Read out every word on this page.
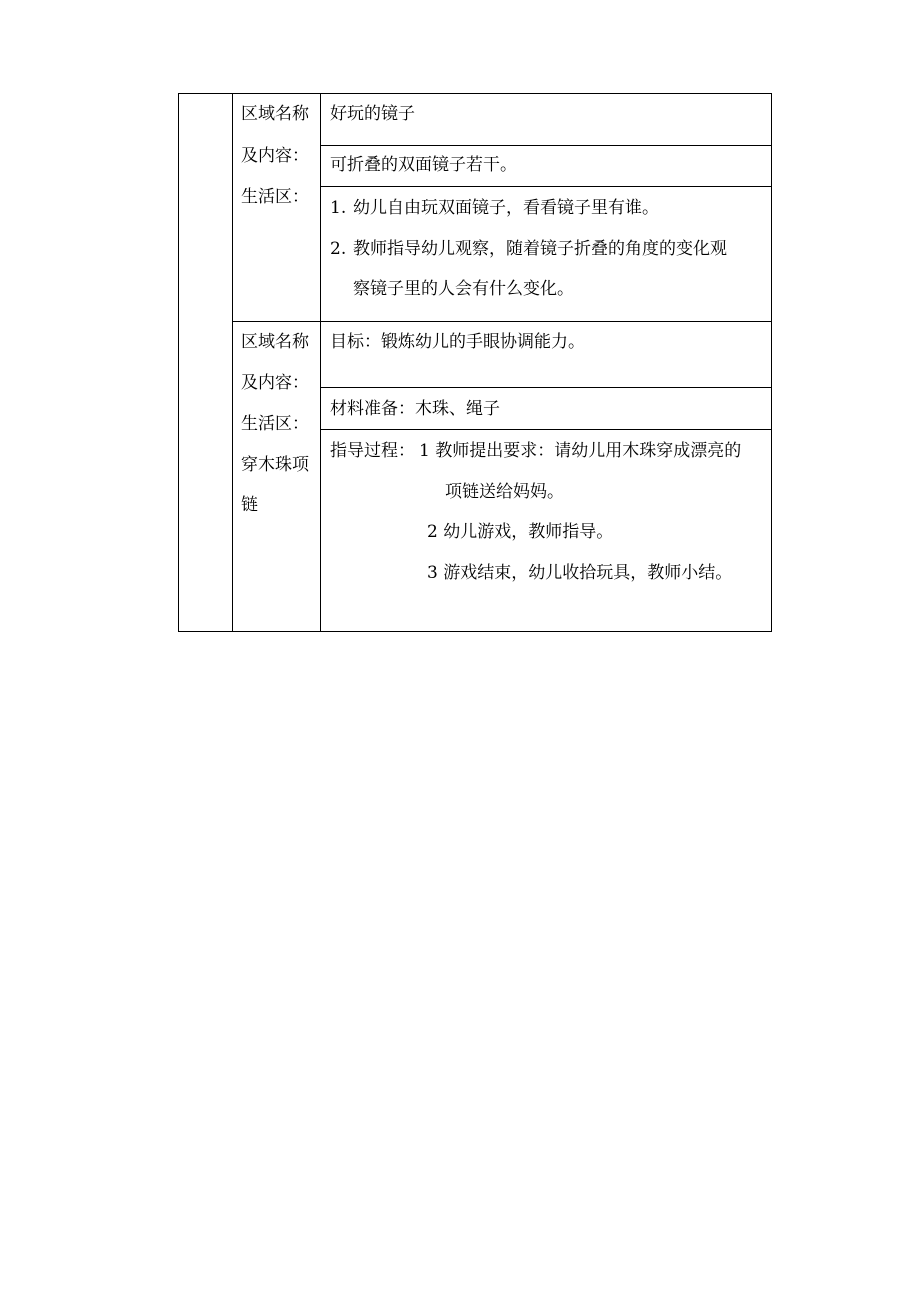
区域名称
及内容：
生活区：
好玩的镜子
可折叠的双面镜子若干。
1. 幼儿自由玩双面镜子，看看镜子里有谁。
2. 教师指导幼儿观察，随着镜子折叠的角度的变化观
察镜子里的人会有什么变化。
区域名称
及内容：
生活区：
穿木珠项
链
目标：锻炼幼儿的手眼协调能力。
材料准备：木珠、绳子
指导过程： 1 教师提出要求：请幼儿用木珠穿成漂亮的
项链送给妈妈。
2 幼儿游戏，教师指导。
3 游戏结束，幼儿收拾玩具，教师小结。
